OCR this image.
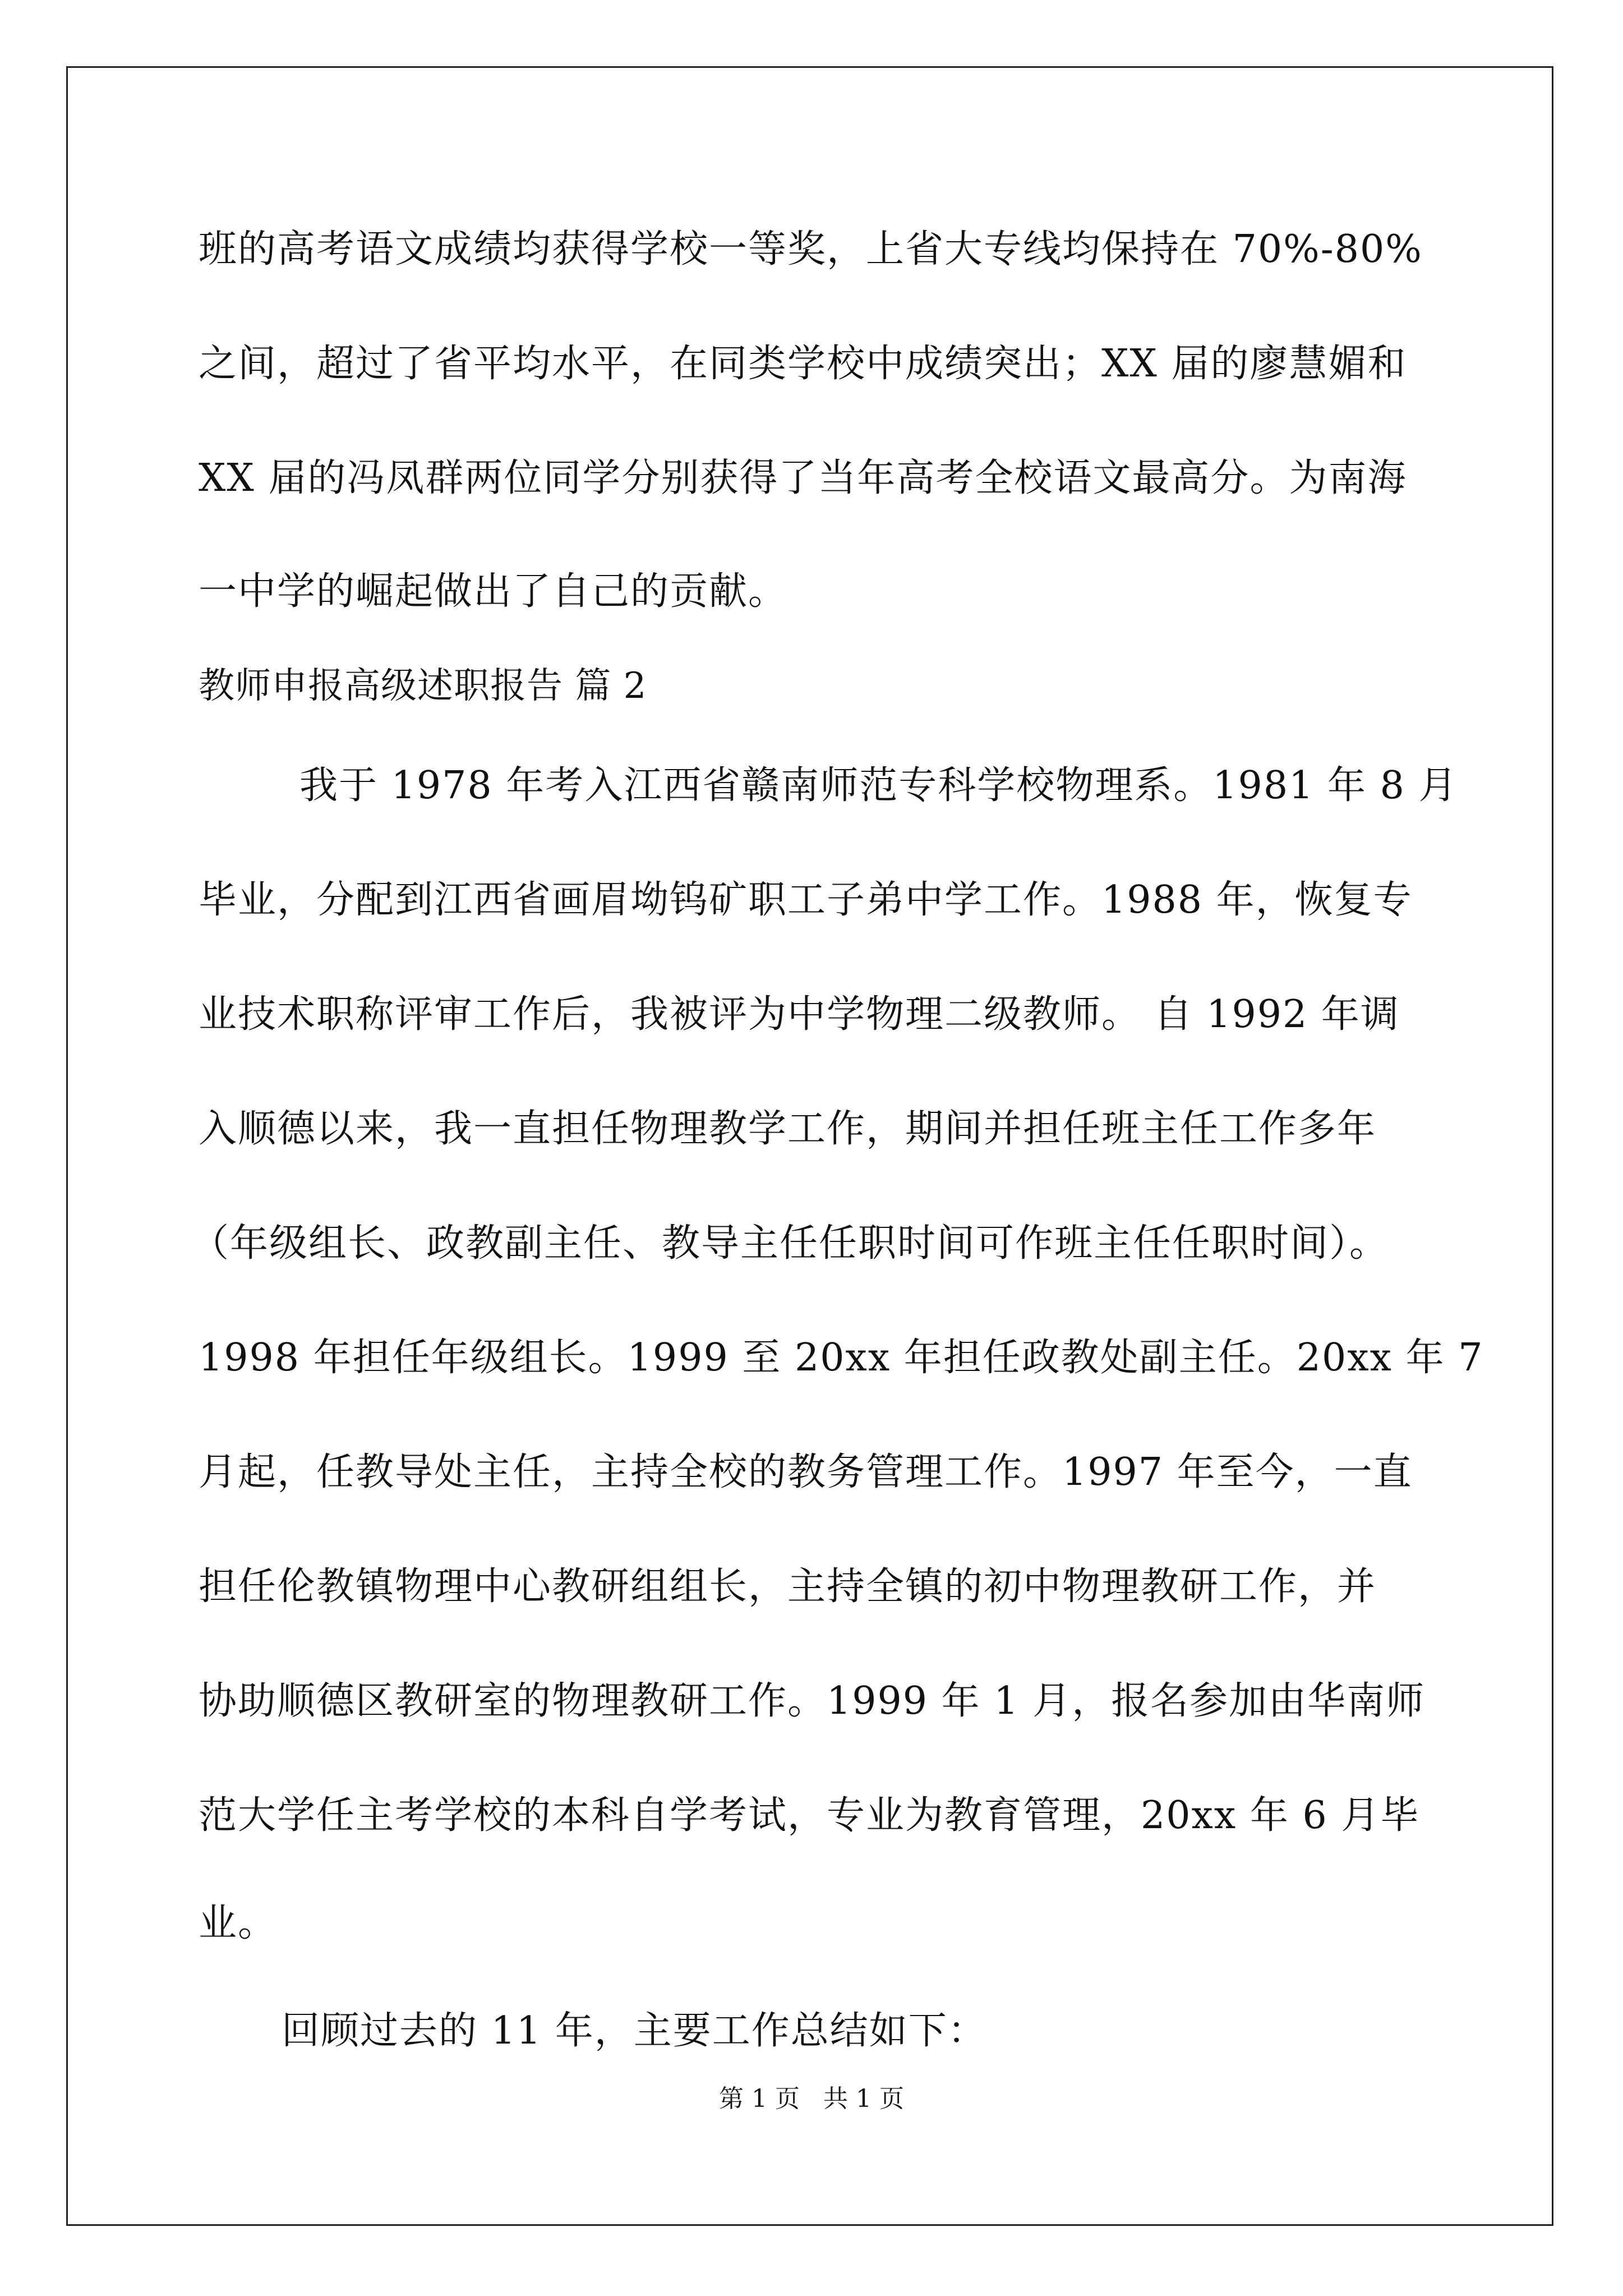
班的高考语文成绩均获得学校一等奖，上省大专线均保持在 70%-80%
之间，超过了省平均水平，在同类学校中成绩突出；XX 届的廖慧媚和
XX 届的冯凤群两位同学分别获得了当年高考全校语文最高分。为南海
一中学的崛起做出了自己的贡献。
教师申报高级述职报告 篇 2
我于 1978 年考入江西省赣南师范专科学校物理系。1981 年 8 月
毕业，分配到江西省画眉坳钨矿职工子弟中学工作。1988 年，恢复专
业技术职称评审工作后，我被评为中学物理二级教师。 自 1992 年调
入顺德以来，我一直担任物理教学工作，期间并担任班主任工作多年
（年级组长、政教副主任、教导主任任职时间可作班主任任职时间）。
1998 年担任年级组长。1999 至 20xx 年担任政教处副主任。20xx 年 7
月起，任教导处主任，主持全校的教务管理工作。1997 年至今，一直
担任伦教镇物理中心教研组组长，主持全镇的初中物理教研工作，并
协助顺德区教研室的物理教研工作。1999 年 1 月，报名参加由华南师
范大学任主考学校的本科自学考试，专业为教育管理，20xx 年 6 月毕
业。
回顾过去的 11 年，主要工作总结如下：
第 1 页   共 1 页
